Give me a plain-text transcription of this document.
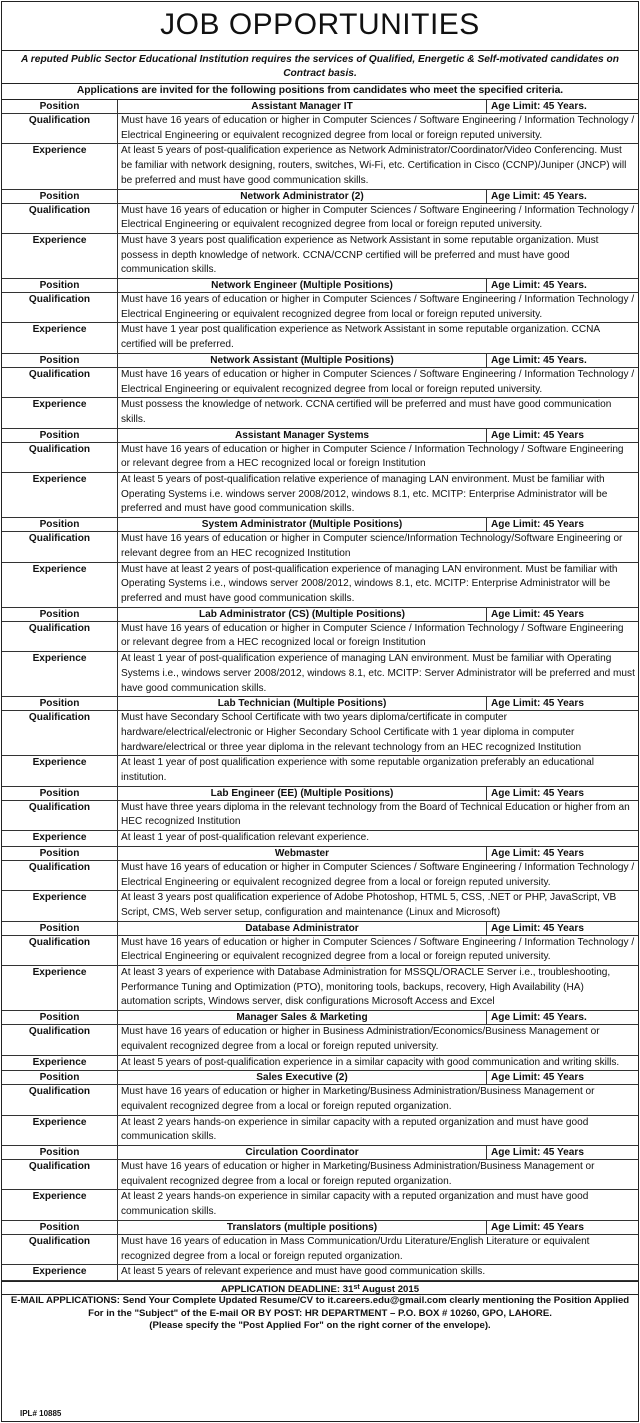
JOB OPPORTUNITIES
A reputed Public Sector Educational Institution requires the services of Qualified, Energetic & Self-motivated candidates on Contract basis.
Applications are invited for the following positions from candidates who meet the specified criteria.
Position	Assistant Manager IT	Age Limit: 45 Years.
Qualification	Must have 16 years of education or higher in Computer Sciences / Software Engineering / Information Technology / Electrical Engineering or equivalent recognized degree from local or foreign reputed university.	
Experience	At least 5 years of post-qualification experience as Network Administrator/Coordinator/Video Conferencing. Must be familiar with network designing, routers, switches, Wi-Fi, etc. Certification in Cisco (CCNP)/Juniper (JNCP) will be preferred and must have good communication skills.	
Position	Network Administrator (2)	Age Limit: 45 Years.
Qualification	Must have 16 years of education or higher in Computer Sciences / Software Engineering / Information Technology / Electrical Engineering or equivalent recognized degree from local or foreign reputed university.	
Experience	Must have 3 years post qualification experience as Network Assistant in some reputable organization. Must possess in depth knowledge of network. CCNA/CCNP certified will be preferred and must have good communication skills.	
Position	Network Engineer (Multiple Positions)	Age Limit: 45 Years.
Qualification	Must have 16 years of education or higher in Computer Sciences / Software Engineering / Information Technology / Electrical Engineering or equivalent recognized degree from local or foreign reputed university.	
Experience	Must have 1 year post qualification experience as Network Assistant in some reputable organization. CCNA certified will be preferred.	
Position	Network Assistant (Multiple Positions)	Age Limit: 45 Years.
Qualification	Must have 16 years of education or higher in Computer Sciences / Software Engineering / Information Technology / Electrical Engineering or equivalent recognized degree from local or foreign reputed university.	
Experience	Must possess the knowledge of network. CCNA certified will be preferred and must have good communication skills.	
Position	Assistant Manager Systems	Age Limit: 45 Years
Qualification	Must have 16 years of education or higher in Computer Science / Information Technology / Software Engineering or relevant degree from a HEC recognized local or foreign Institution	
Experience	At least 5 years of post-qualification relative experience of managing LAN environment. Must be familiar with Operating Systems i.e. windows server 2008/2012, windows 8.1, etc. MCITP: Enterprise Administrator will be preferred and must have good communication skills.	
Position	System Administrator (Multiple Positions)	Age Limit: 45 Years
Qualification	Must have 16 years of education or higher in Computer science/Information Technology/Software Engineering or relevant degree from an HEC recognized Institution	
Experience	Must have at least 2 years of post-qualification experience of managing LAN environment. Must be familiar with Operating Systems i.e., windows server 2008/2012, windows 8.1, etc. MCITP: Enterprise Administrator will be preferred and must have good communication skills.	
Position	Lab Administrator (CS) (Multiple Positions)	Age Limit: 45 Years
Qualification	Must have 16 years of education or higher in Computer Science / Information Technology / Software Engineering or relevant degree from a HEC recognized local or foreign Institution	
Experience	At least 1 year of post-qualification experience of managing LAN environment. Must be familiar with Operating Systems i.e., windows server 2008/2012, windows 8.1, etc. MCITP: Server Administrator will be preferred and must have good communication skills.	
Position	Lab Technician (Multiple Positions)	Age Limit: 45 Years
Qualification	Must have Secondary School Certificate with two years diploma/certificate in computer hardware/electrical/electronic or Higher Secondary School Certificate with 1 year diploma in computer hardware/electrical or three year diploma in the relevant technology from an HEC recognized Institution	
Experience	At least 1 year of post qualification experience with some reputable organization preferably an educational institution.	
Position	Lab Engineer (EE) (Multiple Positions)	Age Limit: 45 Years
Qualification	Must have three years diploma in the relevant technology from the Board of Technical Education or higher from an HEC recognized Institution	
Experience	At least 1 year of post-qualification relevant experience.	
Position	Webmaster	Age Limit: 45 Years
Qualification	Must have 16 years of education or higher in Computer Sciences / Software Engineering / Information Technology / Electrical Engineering or equivalent recognized degree from a local or foreign reputed university.	
Experience	At least 3 years post qualification experience of Adobe Photoshop, HTML 5, CSS, .NET or PHP, JavaScript, VB Script, CMS, Web server setup, configuration and maintenance (Linux and Microsoft)	
Position	Database Administrator	Age Limit: 45 Years
Qualification	Must have 16 years of education or higher in Computer Sciences / Software Engineering / Information Technology / Electrical Engineering or equivalent recognized degree from a local or foreign reputed university.	
Experience	At least 3 years of experience with Database Administration for MSSQL/ORACLE Server i.e., troubleshooting, Performance Tuning and Optimization (PTO), monitoring tools, backups, recovery, High Availability (HA) automation scripts, Windows server, disk configurations Microsoft Access and Excel	
Position	Manager Sales & Marketing	Age Limit: 45 Years.
Qualification	Must have 16 years of education or higher in Business Administration/Economics/Business Management or equivalent recognized degree from a local or foreign reputed university.	
Experience	At least 5 years of post-qualification experience in a similar capacity with good communication and writing skills.	
Position	Sales Executive (2)	Age Limit: 45 Years
Qualification	Must have 16 years of education or higher in Marketing/Business Administration/Business Management or equivalent recognized degree from a local or foreign reputed organization.	
Experience	At least 2 years hands-on experience in similar capacity with a reputed organization and must have good communication skills.	
Position	Circulation Coordinator	Age Limit: 45 Years
Qualification	Must have 16 years of education or higher in Marketing/Business Administration/Business Management or equivalent recognized degree from a local or foreign reputed organization.	
Experience	At least 2 years hands-on experience in similar capacity with a reputed organization and must have good communication skills.	
Position	Translators (multiple positions)	Age Limit: 45 Years
Qualification	Must have 16 years of education in Mass Communication/Urdu Literature/English Literature or equivalent recognized degree from a local or foreign reputed organization.	
Experience	At least 5 years of relevant experience and must have good communication skills.	
APPLICATION DEADLINE: 31st August 2015
E-MAIL APPLICATIONS: Send Your Complete Updated Resume/CV to it.careers.edu@gmail.com clearly mentioning the Position Applied For in the "Subject" of the E-mail OR BY POST: HR DEPARTMENT – P.O. BOX # 10260, GPO, LAHORE.
(Please specify the "Post Applied For" on the right corner of the envelope).
IPL# 10885
